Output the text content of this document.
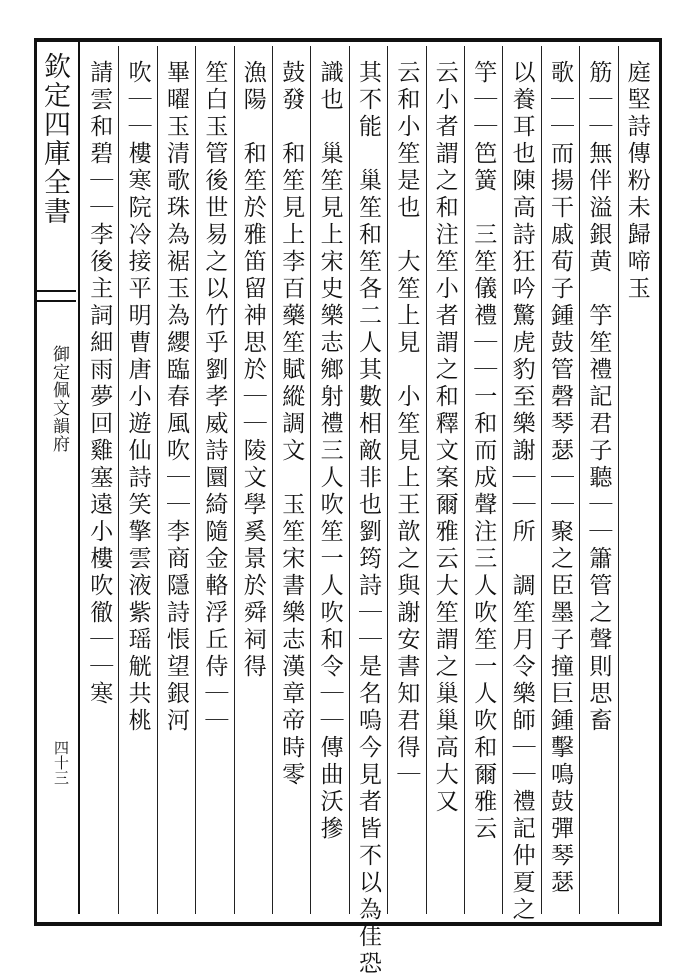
欽定四庫全書
御定佩文韻府
四十三
庭堅詩傳粉未歸啼玉
筋｜｜無伴溢銀黄　竽笙禮記君子聽｜｜簫管之聲則思畜
歌｜｜而揚干戚荀子鍾鼓管磬琴瑟｜｜聚之臣墨子撞巨鍾擊鳴鼓彈琴瑟
以養耳也陳高詩狂吟驚虎豹至樂謝｜｜所　調笙月令樂師｜｜禮記仲夏之
竽｜｜笆簧　三笙儀禮｜｜一和而成聲注三人吹笙一人吹和爾雅云
云小者謂之和注笙小者謂之和釋文案爾雅云大笙謂之巢巢高大又
云和小笙是也　大笙上見　小笙見上王歆之與謝安書知君得｜
其不能　巢笙和笙各二人其數相敵非也劉筠詩｜｜是名嗚今見者皆不以為佳恐
識也　巢笙見上宋史樂志鄉射禮三人吹笙一人吹和令｜｜傳曲沃摻
鼓發　和笙見上李百藥笙賦縱調文　玉笙宋書樂志漢章帝時零
漁陽　和笙於雅笛留神思於｜｜陵文學奚景於舜祠得
笙白玉管後世易之以竹乎劉孝威詩圜綺隨金輅浮丘侍｜｜
畢曜玉清歌珠為裾玉為纓臨春風吹｜｜李商隱詩悵望銀河
吹｜｜樓寒院冷接平明曹唐小遊仙詩笑擎雲液紫瑶觥共桃
請雲和碧｜｜李後主詞細雨夢回雞塞遠小樓吹徹｜｜寒
